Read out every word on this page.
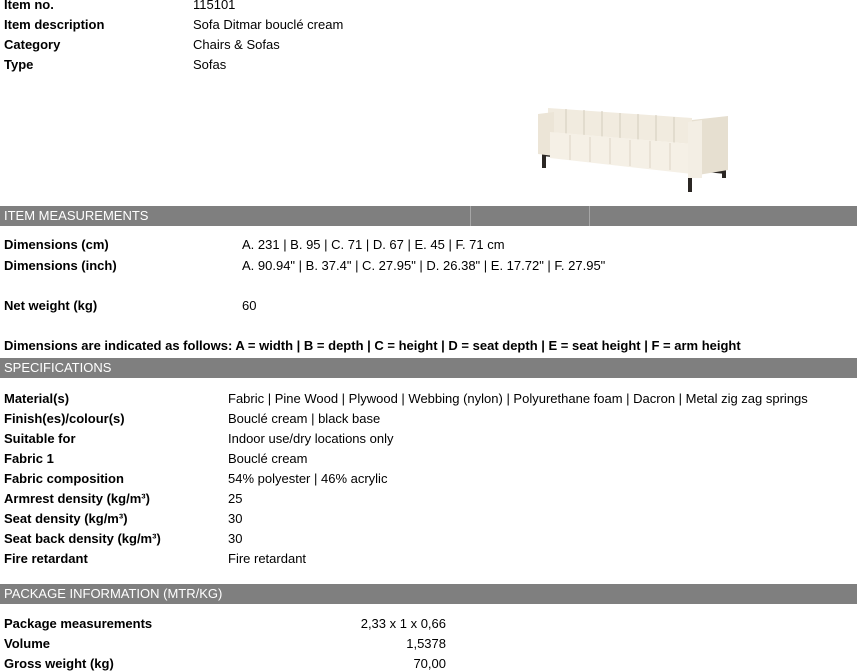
Item no.	115101
Item description	Sofa Ditmar bouclé cream
Category	Chairs & Sofas
Type	Sofas
ITEM MEASUREMENTS
Dimensions (cm)	A. 231 | B. 95 | C. 71 | D. 67 | E. 45 | F. 71 cm
Dimensions (inch)	A. 90.94" | B. 37.4" | C. 27.95" | D. 26.38" | E. 17.72" | F. 27.95"
Net weight (kg)	60
Dimensions are indicated as follows: A = width | B = depth | C = height | D = seat depth | E = seat height | F = arm height
SPECIFICATIONS
Material(s)	Fabric | Pine Wood | Plywood | Webbing (nylon) | Polyurethane foam | Dacron | Metal zig zag springs
Finish(es)/colour(s)	Bouclé cream | black base
Suitable for	Indoor use/dry locations only
Fabric 1	Bouclé cream
Fabric composition	54% polyester | 46% acrylic
Armrest density (kg/m³)	25
Seat density (kg/m³)	30
Seat back density (kg/m³)	30
Fire retardant	Fire retardant
PACKAGE INFORMATION (MTR/KG)
Package measurements	2,33 x 1 x 0,66
Volume	1,5378
Gross weight (kg)	70,00
